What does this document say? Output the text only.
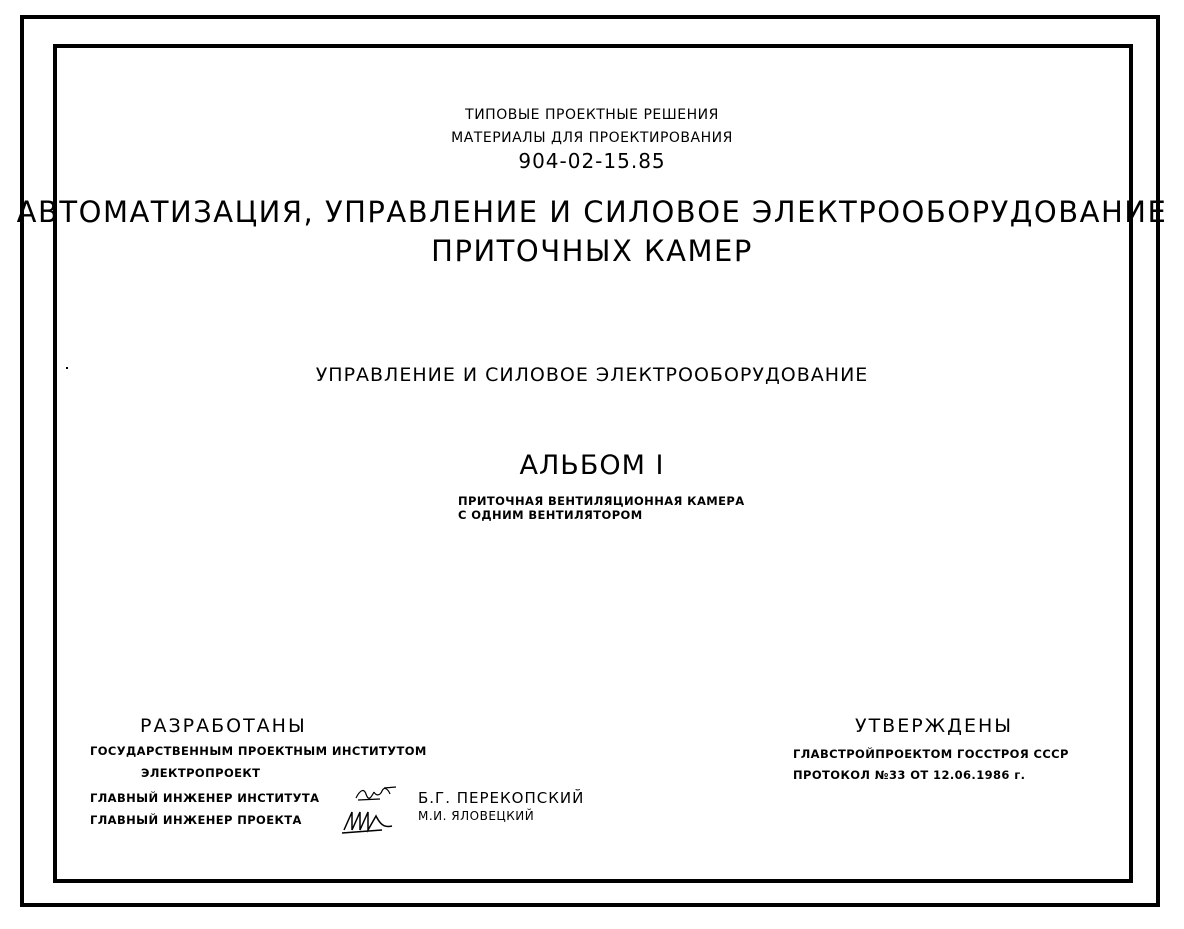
ТИПОВЫЕ ПРОЕКТНЫЕ РЕШЕНИЯ
МАТЕРИАЛЫ ДЛЯ ПРОЕКТИРОВАНИЯ
904-02-15.85
АВТОМАТИЗАЦИЯ, УПРАВЛЕНИЕ И СИЛОВОЕ ЭЛЕКТРООБОРУДОВАНИЕ
ПРИТОЧНЫХ КАМЕР
УПРАВЛЕНИЕ И СИЛОВОЕ ЭЛЕКТРООБОРУДОВАНИЕ
АЛЬБОМ I
ПРИТОЧНАЯ ВЕНТИЛЯЦИОННАЯ КАМЕРА
С ОДНИМ ВЕНТИЛЯТОРОМ
РАЗРАБОТАНЫ
ГОСУДАРСТВЕННЫМ ПРОЕКТНЫМ ИНСТИТУТОМ
ЭЛЕКТРОПРОЕКТ
ГЛАВНЫЙ ИНЖЕНЕР ИНСТИТУТА
ГЛАВНЫЙ ИНЖЕНЕР ПРОЕКТА
Б.Г. ПЕРЕКОПСКИЙ
М.И. ЯЛОВЕЦКИЙ
УТВЕРЖДЕНЫ
ГЛАВСТРОЙПРОЕКТОМ ГОССТРОЯ СССР
ПРОТОКОЛ №33 ОТ 12.06.1986 г.
